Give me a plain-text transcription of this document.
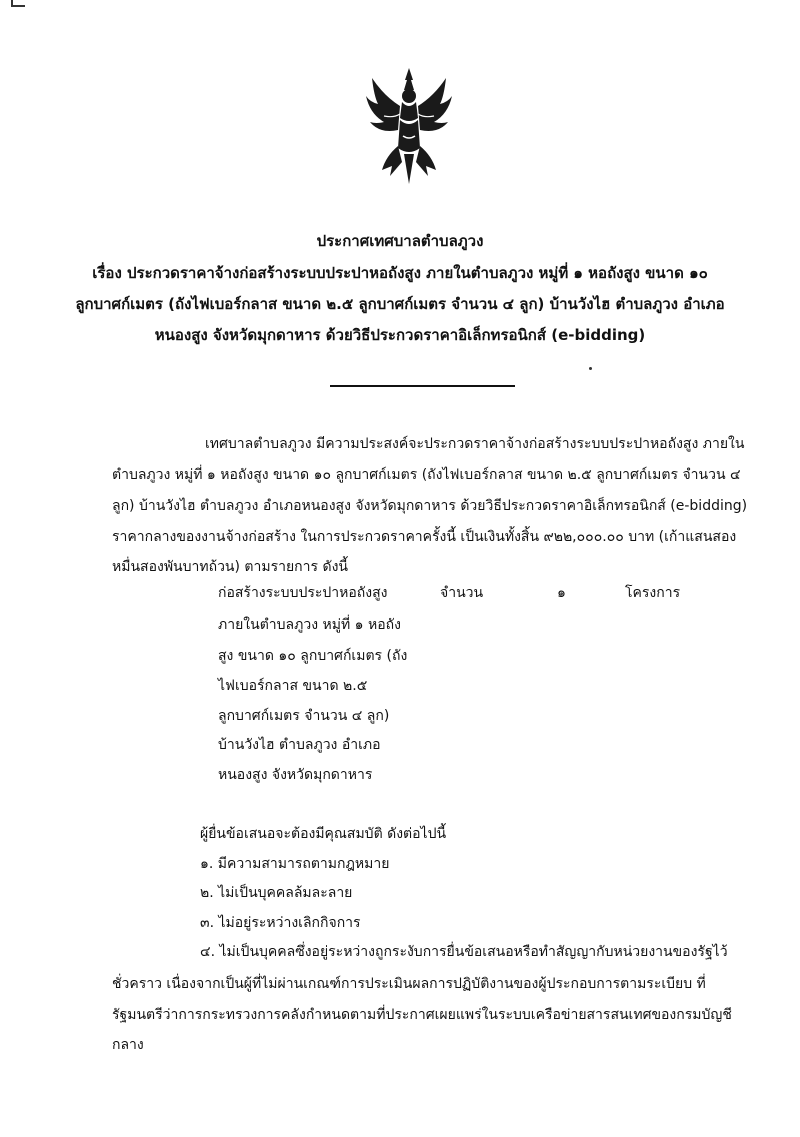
ประกาศเทศบาลตำบลภูวง
เรื่อง ประกวดราคาจ้างก่อสร้างระบบประปาหอถังสูง ภายในตำบลภูวง หมู่ที่ ๑ หอถังสูง ขนาด ๑๐
ลูกบาศก์เมตร (ถังไฟเบอร์กลาส ขนาด ๒.๕ ลูกบาศก์เมตร จำนวน ๔ ลูก) บ้านวังไฮ ตำบลภูวง อำเภอ
หนองสูง จังหวัดมุกดาหาร ด้วยวิธีประกวดราคาอิเล็กทรอนิกส์ (e-bidding)
เทศบาลตำบลภูวง มีความประสงค์จะประกวดราคาจ้างก่อสร้างระบบประปาหอถังสูง ภายใน
ตำบลภูวง หมู่ที่ ๑ หอถังสูง ขนาด ๑๐ ลูกบาศก์เมตร (ถังไฟเบอร์กลาส ขนาด ๒.๕ ลูกบาศก์เมตร จำนวน ๔
ลูก) บ้านวังไฮ ตำบลภูวง อำเภอหนองสูง จังหวัดมุกดาหาร ด้วยวิธีประกวดราคาอิเล็กทรอนิกส์ (e-bidding)
ราคากลางของงานจ้างก่อสร้าง ในการประกวดราคาครั้งนี้ เป็นเงินทั้งสิ้น ๙๒๒,๐๐๐.๐๐ บาท (เก้าแสนสอง
หมื่นสองพันบาทถ้วน) ตามรายการ ดังนี้
ก่อสร้างระบบประปาหอถังสูง	จำนวน	๑	โครงการ
ภายในตำบลภูวง หมู่ที่ ๑ หอถัง
สูง ขนาด ๑๐ ลูกบาศก์เมตร (ถัง
ไฟเบอร์กลาส ขนาด ๒.๕
ลูกบาศก์เมตร จำนวน ๔ ลูก)
บ้านวังไฮ ตำบลภูวง อำเภอ
หนองสูง จังหวัดมุกดาหาร
ผู้ยื่นข้อเสนอจะต้องมีคุณสมบัติ ดังต่อไปนี้
๑. มีความสามารถตามกฎหมาย
๒. ไม่เป็นบุคคลล้มละลาย
๓. ไม่อยู่ระหว่างเลิกกิจการ
๔. ไม่เป็นบุคคลซึ่งอยู่ระหว่างถูกระงับการยื่นข้อเสนอหรือทำสัญญากับหน่วยงานของรัฐไว้
ชั่วคราว เนื่องจากเป็นผู้ที่ไม่ผ่านเกณฑ์การประเมินผลการปฏิบัติงานของผู้ประกอบการตามระเบียบ ที่
รัฐมนตรีว่าการกระทรวงการคลังกำหนดตามที่ประกาศเผยแพร่ในระบบเครือข่ายสารสนเทศของกรมบัญชี
กลาง
